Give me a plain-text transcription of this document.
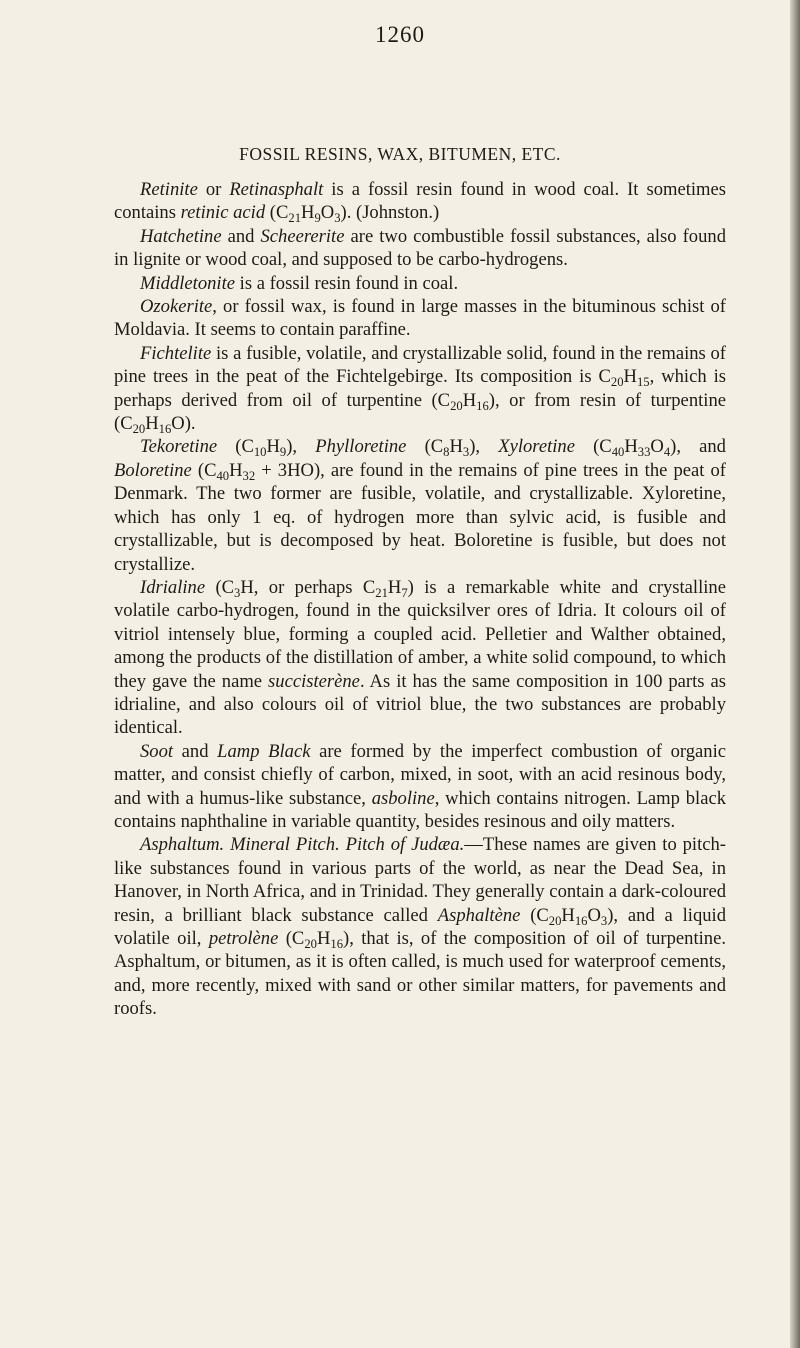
1260
FOSSIL RESINS, WAX, BITUMEN, ETC.

Retinite or Retinasphalt is a fossil resin found in wood coal. It sometimes contains retinic acid $(C_{21}H_9O_3)$. (Johnston.)

Hatchetine and Scheererite are two combustible fossil substances, also found in lignite or wood coal, and supposed to be carbo-hydrogens.

Middletonite is a fossil resin found in coal.

Ozokerite, or fossil wax, is found in large masses in the bituminous schist of Moldavia. It seems to contain paraffine.

Fichtelite is a fusible, volatile, and crystallizable solid, found in the remains of pine trees in the peat of the Fichtelgebirge. Its composition is $C_{20}H_{15}$, which is perhaps derived from oil of turpentine $(C_{20}H_{16})$, or from resin of turpentine $(C_{20}H_{16}O)$.

Tekoretine $(C_{10}H_9)$, Phylloretine $(C_8H_3)$, Xyloretine $(C_{40}H_{33}O_4)$, and Boloretine $(C_{40}H_{32} + 3HO)$, are found in the remains of pine trees in the peat of Denmark. The two former are fusible, volatile, and crystallizable. Xyloretine, which has only 1 eq. of hydrogen more than sylvic acid, is fusible and crystallizable, but is decomposed by heat. Boloretine is fusible, but does not crystallize.

Idrialine ($C_3H$, or perhaps $C_{21}H_7$) is a remarkable white and crystalline volatile carbo-hydrogen, found in the quicksilver ores of Idria. It colours oil of vitriol intensely blue, forming a coupled acid. Pelletier and Walther obtained, among the products of the distillation of amber, a white solid compound, to which they gave the name succisterène. As it has the same composition in 100 parts as idrialine, and also colours oil of vitriol blue, the two substances are probably identical.

Soot and Lamp Black are formed by the imperfect combustion of organic matter, and consist chiefly of carbon, mixed, in soot, with an acid resinous body, and with a humus-like substance, asboline, which contains nitrogen. Lamp black contains naphthaline in variable quantity, besides resinous and oily matters.

Asphaltum. Mineral Pitch. Pitch of Judæa.—These names are given to pitch-like substances found in various parts of the world, as near the Dead Sea, in Hanover, in North Africa, and in Trinidad. They generally contain a dark-coloured resin, a brilliant black substance called Asphaltène $(C_{20}H_{16}O_3)$, and a liquid volatile oil, petrolène $(C_{20}H_{16})$, that is, of the composition of oil of turpentine. Asphaltum, or bitumen, as it is often called, is much used for waterproof cements, and, more recently, mixed with sand or other similar matters, for pavements and roofs.
